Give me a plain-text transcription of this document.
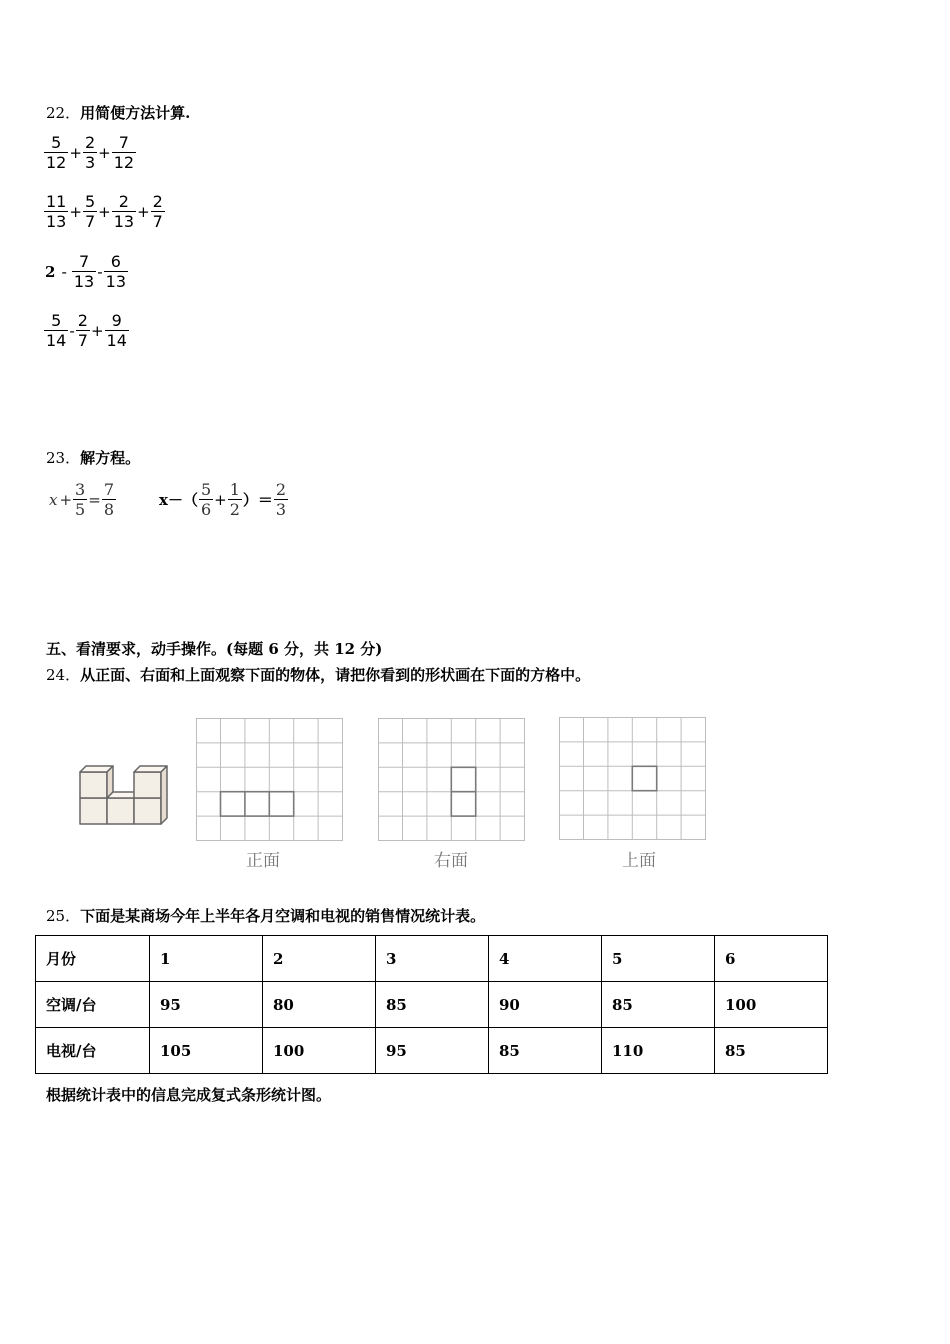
22．用简便方法计算.
$\frac{5}{12} + \frac{2}{3} + \frac{7}{12}$
$\frac{11}{13} + \frac{5}{7} + \frac{2}{13} + \frac{2}{7}$
$2 - \frac{7}{13} - \frac{6}{13}$
$\frac{5}{14} - \frac{2}{7} + \frac{9}{14}$
23．解方程。
$x + \frac{3}{5} = \frac{7}{8}$	$x-( \frac{5}{6} + \frac{1}{2}$ ）＝ $\frac{2}{3}$
五、看清要求，动手操作。(每题 6 分，共 12 分)
24．从正面、右面和上面观察下面的物体，请把你看到的形状画在下面的方格中。
正面	右面	上面
25．下面是某商场今年上半年各月空调和电视的销售情况统计表。
月份	1	2	3	4	5	6
空调/台	95	80	85	90	85	100
电视/台	105	100	95	85	110	85
根据统计表中的信息完成复式条形统计图。
